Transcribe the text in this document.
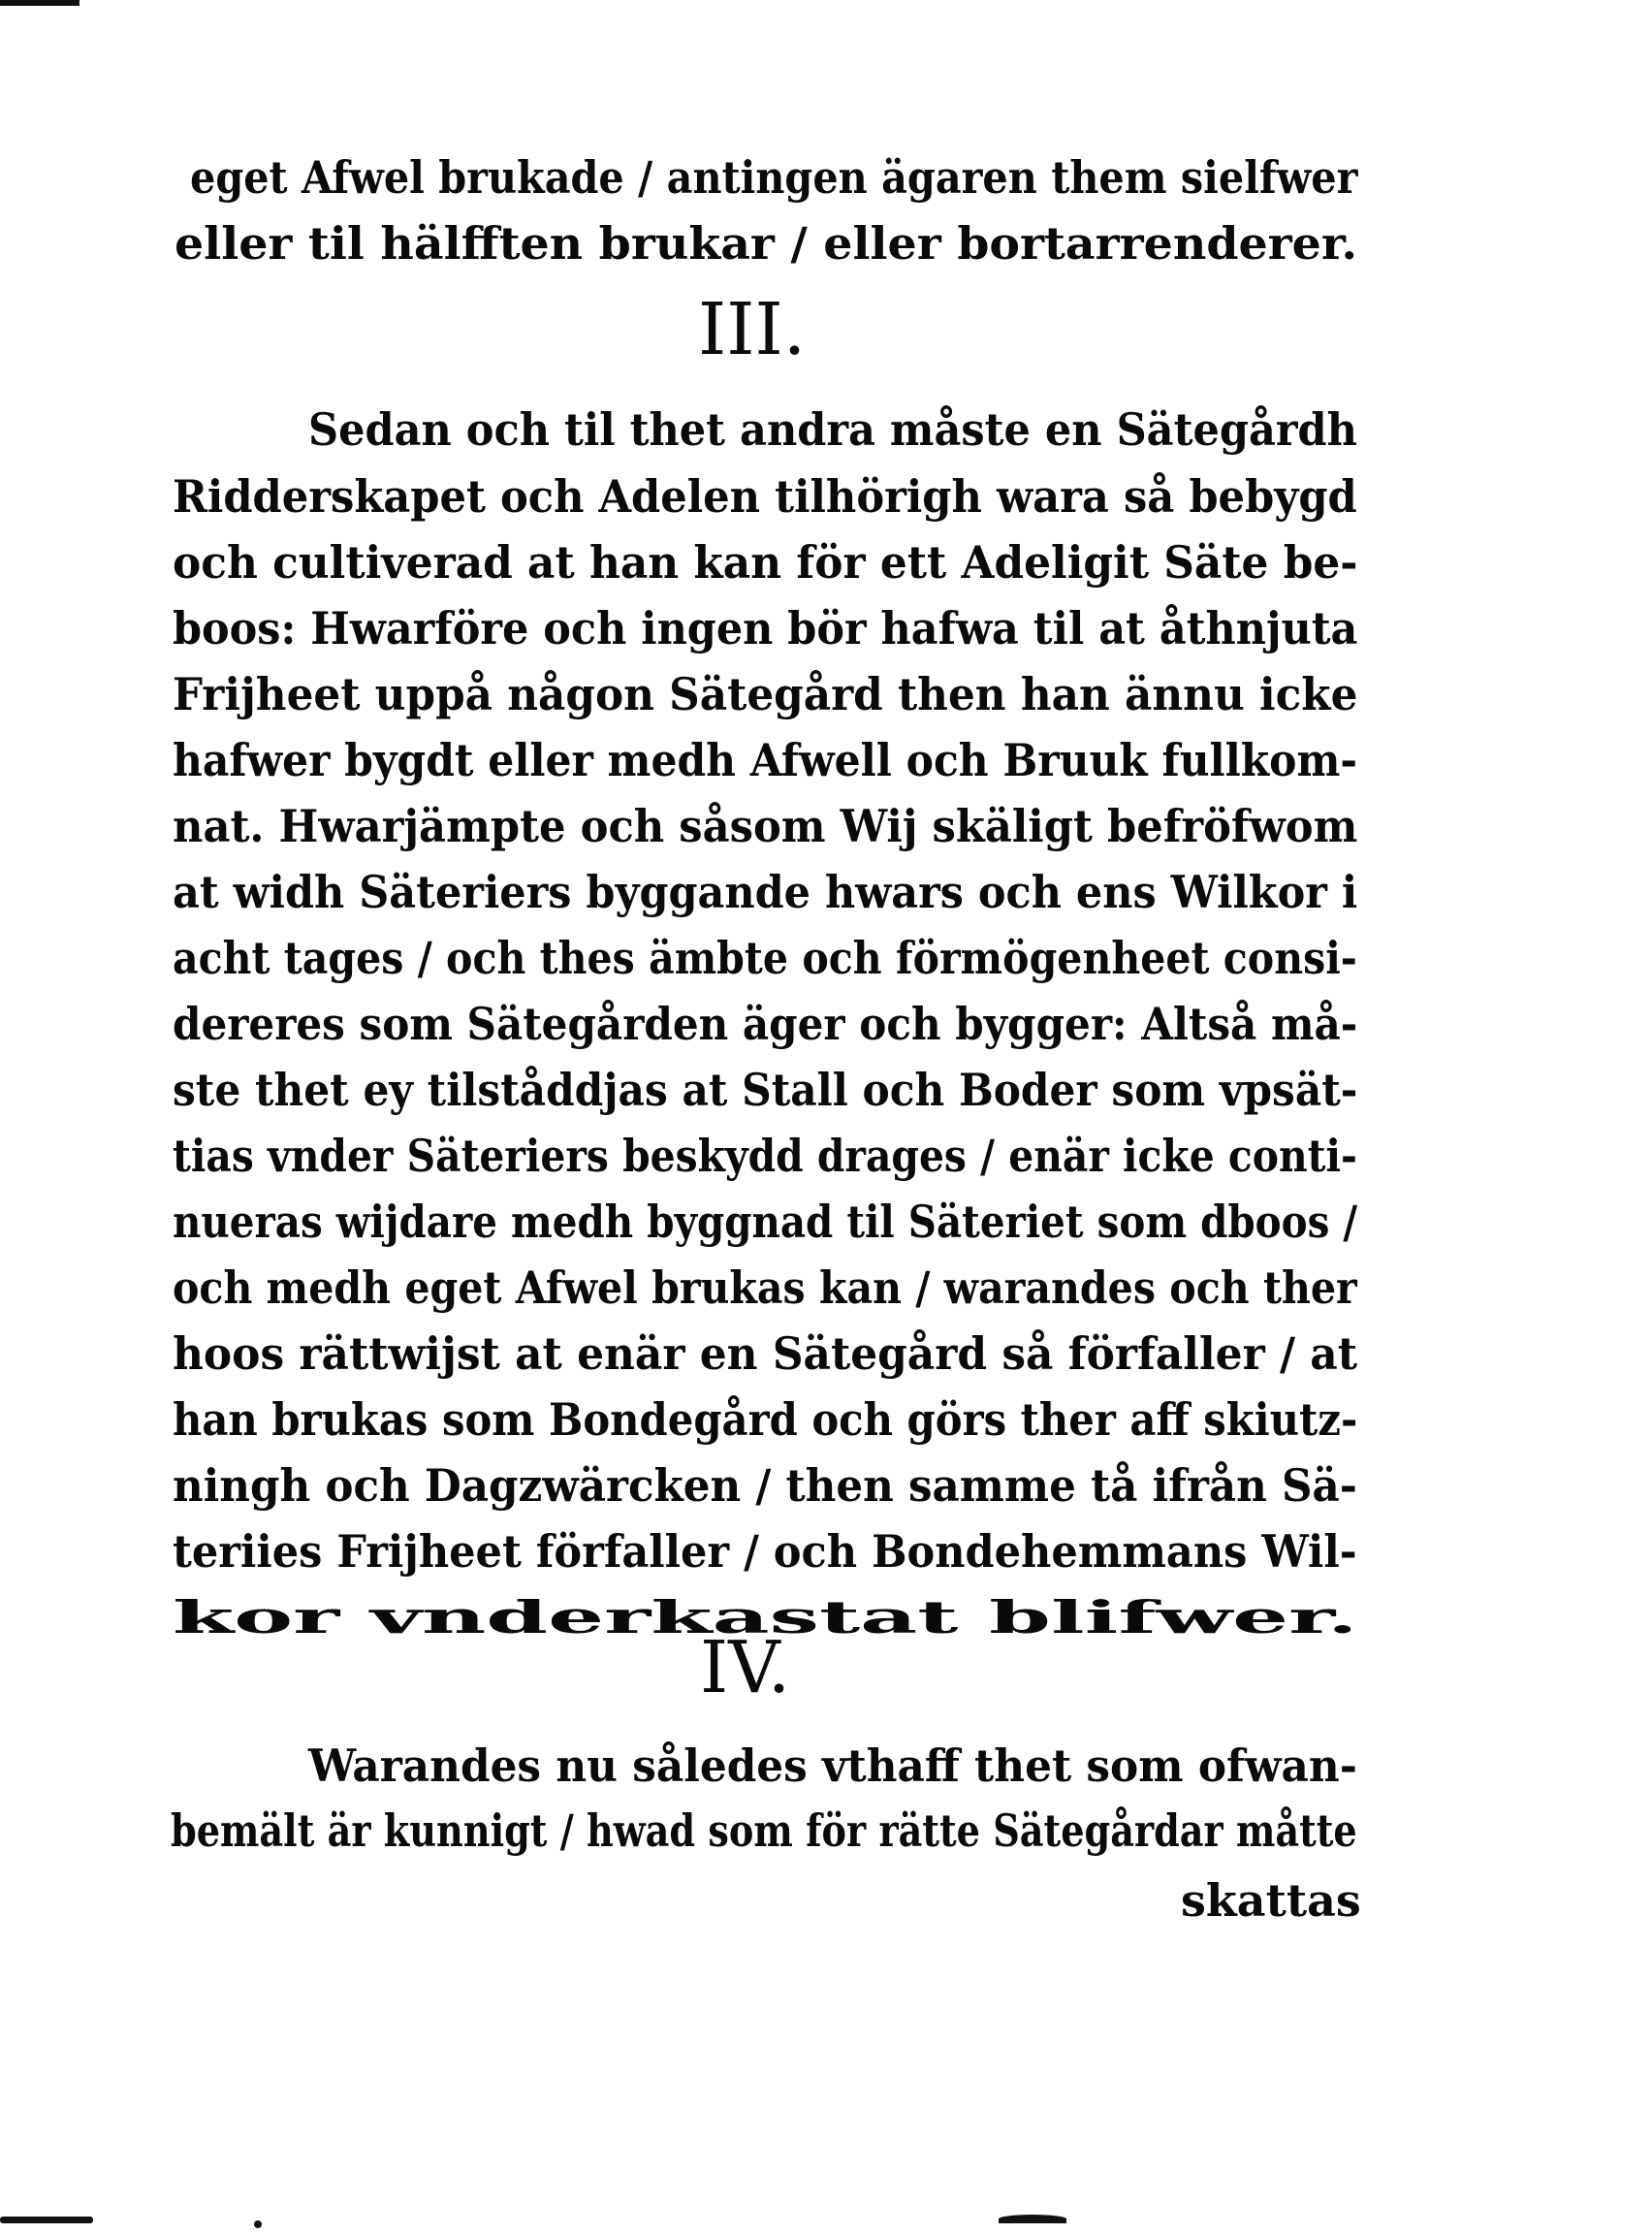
eget Afwel brukade / antingen ägaren them sielfwer
eller til hälfften brukar / eller bortarrenderer.
III.
Sedan och til thet andra måste en Sätegårdh
Ridderskapet och Adelen tilhörigh wara så bebygd
och cultiverad at han kan för ett Adeligit Säte be-
boos: Hwarföre och ingen bör hafwa til at åthnjuta
Frijheet uppå någon Sätegård then han ännu icke
hafwer bygdt eller medh Afwell och Bruuk fullkom-
nat. Hwarjämpte och såsom Wij skäligt befröfwom
at widh Säteriers byggande hwars och ens Wilkor i
acht tages / och thes ämbte och förmögenheet consi-
dereres som Sätegården äger och bygger: Altså må-
ste thet ey tilståddjas at Stall och Boder som vpsät-
tias vnder Säteriers beskydd drages / enär icke conti-
nueras wijdare medh byggnad til Säteriet som dboos /
och medh eget Afwel brukas kan / warandes och ther
hoos rättwijst at enär en Sätegård så förfaller / at
han brukas som Bondegård och görs ther aff skiutz-
ningh och Dagzwärcken / then samme tå ifrån Sä-
teriies Frijheet förfaller / och Bondehemmans Wil-
kor vnderkastat blifwer.
IV.
Warandes nu således vthaff thet som ofwan-
bemält är kunnigt / hwad som för rätte Sätegårdar måtte
skattas
